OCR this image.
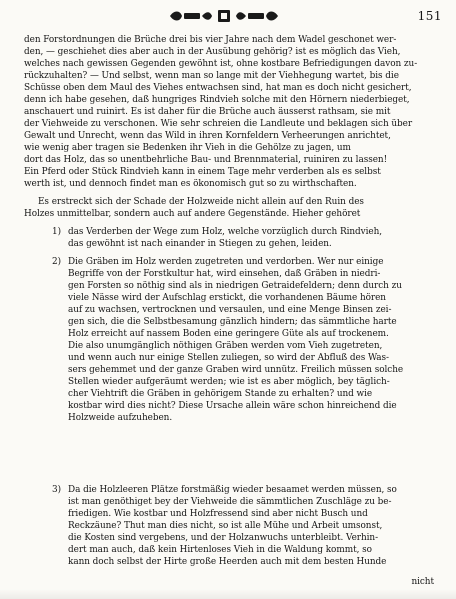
151
den Forstordnungen die Brüche drei bis vier Jahre nach dem Wadel geschonet wer-
den, — geschiehet dies aber auch in der Ausübung gehörig? ist es möglich das Vieh,
welches nach gewissen Gegenden gewöhnt ist, ohne kostbare Befriedigungen davon zu-
rückzuhalten? — Und selbst, wenn man so lange mit der Viehhegung wartet, bis die
Schüsse oben dem Maul des Viehes entwachsen sind, hat man es doch nicht gesichert,
denn ich habe gesehen, daß hungriges Rindvieh solche mit den Hörnern niederbieget,
anschauert und ruinirt. Es ist daher für die Brüche auch äusserst rathsam, sie mit
der Viehweide zu verschonen. Wie sehr schreien die Landleute und beklagen sich über
Gewalt und Unrecht, wenn das Wild in ihren Kornfeldern Verheerungen anrichtet,
wie wenig aber tragen sie Bedenken ihr Vieh in die Gehölze zu jagen, um
dort das Holz, das so unentbehrliche Bau- und Brennmaterial, ruiniren zu lassen!
Ein Pferd oder Stück Rindvieh kann in einem Tage mehr verderben als es selbst
werth ist, und dennoch findet man es ökonomisch gut so zu wirthschaften.
Es erstreckt sich der Schade der Holzweide nicht allein auf den Ruin des
Holzes unmittelbar, sondern auch auf andere Gegenstände. Hieher gehöret
1) das Verderben der Wege zum Holz, welche vorzüglich durch Rindvieh,
das gewöhnt ist nach einander in Stiegen zu gehen, leiden.
2) Die Gräben im Holz werden zugetreten und verdorben. Wer nur einige
Begriffe von der Forstkultur hat, wird einsehen, daß Gräben in niedri-
gen Forsten so nöthig sind als in niedrigen Getraidefeldern; denn durch zu
viele Nässe wird der Aufschlag erstickt, die vorhandenen Bäume hören
auf zu wachsen, vertrocknen und versaulen, und eine Menge Binsen zei-
gen sich, die die Selbstbesamung gänzlich hindern; das sämmtliche harte
Holz erreicht auf nassem Boden eine geringere Güte als auf trockenem.
Die also unumgänglich nöthigen Gräben werden vom Vieh zugetreten,
und wenn auch nur einige Stellen zuliegen, so wird der Abfluß des Was-
sers gehemmet und der ganze Graben wird unnütz. Freilich müssen solche
Stellen wieder aufgeräumt werden; wie ist es aber möglich, bey täglich-
cher Viehtrift die Gräben in gehörigem Stande zu erhalten? und wie
kostbar wird dies nicht? Diese Ursache allein wäre schon hinreichend die
Holzweide aufzuheben.
3) Da die Holzleeren Plätze forstmäßig wieder besaamet werden müssen, so
ist man genöthiget bey der Viehweide die sämmtlichen Zuschläge zu be-
friedigen. Wie kostbar und Holzfressend sind aber nicht Busch und
Reckzäune? Thut man dies nicht, so ist alle Mühe und Arbeit umsonst,
die Kosten sind vergebens, und der Holzanwuchs unterbleibt. Verhin-
dert man auch, daß kein Hirtenloses Vieh in die Waldung kommt, so
kann doch selbst der Hirte große Heerden auch mit dem besten Hunde
nicht
